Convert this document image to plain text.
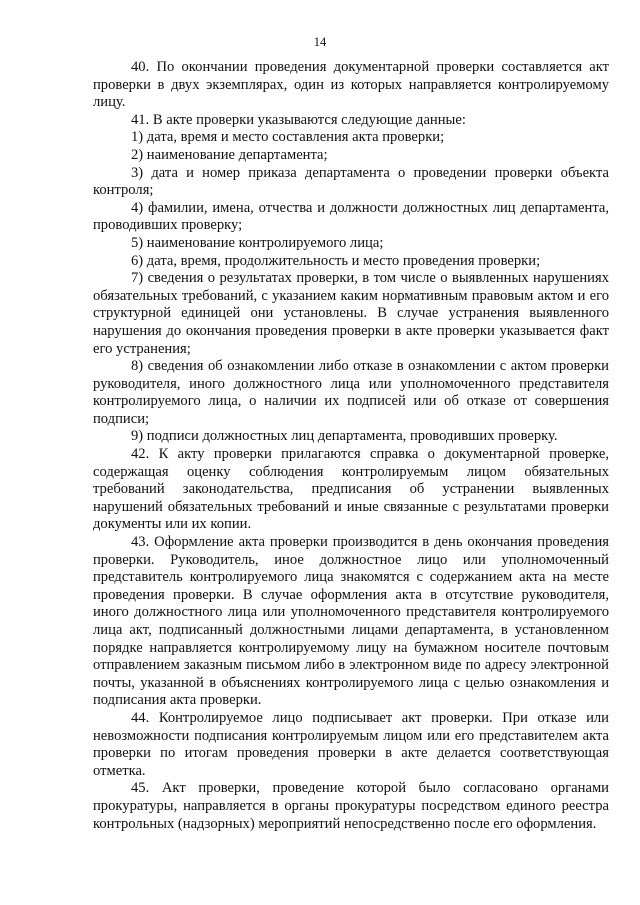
14

40. По окончании проведения документарной проверки составляется акт проверки в двух экземплярах, один из которых направляется контролируемому лицу.

41. В акте проверки указываются следующие данные:

1) дата, время и место составления акта проверки;

2) наименование департамента;

3) дата и номер приказа департамента о проведении проверки объекта контроля;

4) фамилии, имена, отчества и должности должностных лиц департамента, проводивших проверку;

5) наименование контролируемого лица;

6) дата, время, продолжительность и место проведения проверки;

7) сведения о результатах проверки, в том числе о выявленных нарушениях обязательных требований, с указанием каким нормативным правовым актом и его структурной единицей они установлены. В случае устранения выявленного нарушения до окончания проведения проверки в акте проверки указывается факт его устранения;

8) сведения об ознакомлении либо отказе в ознакомлении с актом проверки руководителя, иного должностного лица или уполномоченного представителя контролируемого лица, о наличии их подписей или об отказе от совершения подписи;

9) подписи должностных лиц департамента, проводивших проверку.

42. К акту проверки прилагаются справка о документарной проверке, содержащая оценку соблюдения контролируемым лицом обязательных требований законодательства, предписания об устранении выявленных нарушений обязательных требований и иные связанные с результатами проверки документы или их копии.

43. Оформление акта проверки производится в день окончания проведения проверки. Руководитель, иное должностное лицо или уполномоченный представитель контролируемого лица знакомятся с содержанием акта на месте проведения проверки. В случае оформления акта в отсутствие руководителя, иного должностного лица или уполномоченного представителя контролируемого лица акт, подписанный должностными лицами департамента, в установленном порядке направляется контролируемому лицу на бумажном носителе почтовым отправлением заказным письмом либо в электронном виде по адресу электронной почты, указанной в объяснениях контролируемого лица с целью ознакомления и подписания акта проверки.

44. Контролируемое лицо подписывает акт проверки. При отказе или невозможности подписания контролируемым лицом или его представителем акта проверки по итогам проведения проверки в акте делается соответствующая отметка.

45. Акт проверки, проведение которой было согласовано органами прокуратуры, направляется в органы прокуратуры посредством единого реестра контрольных (надзорных) мероприятий непосредственно после его оформления.
